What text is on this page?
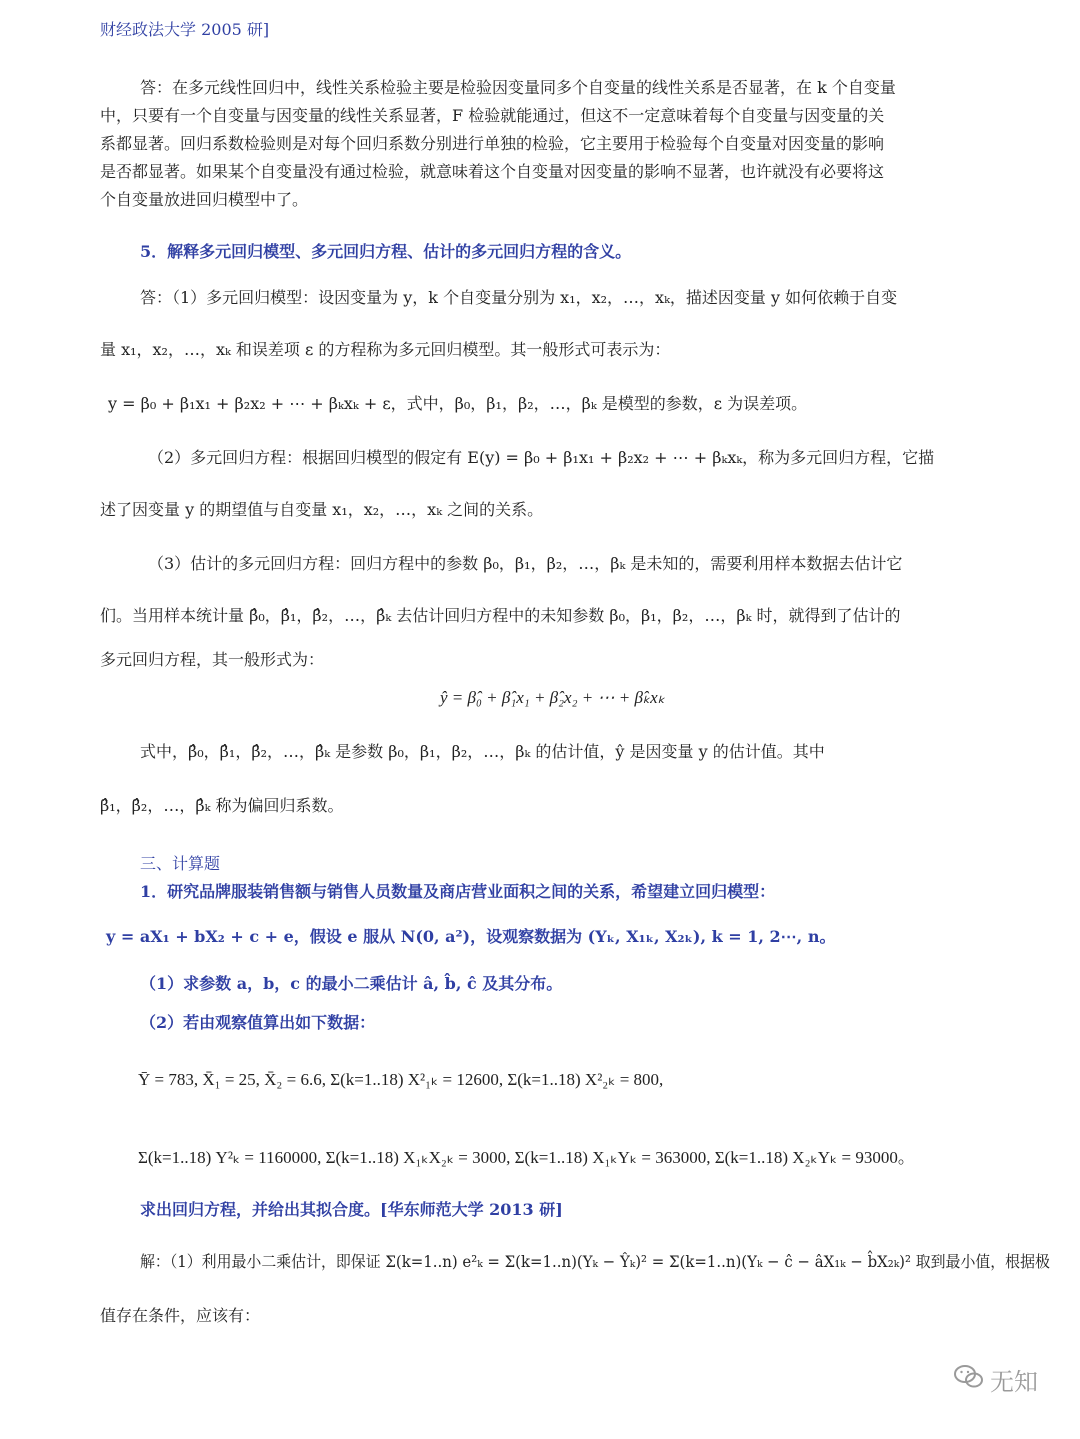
财经政法大学 2005 研]
答：在多元线性回归中，线性关系检验主要是检验因变量同多个自变量的线性关系是否显著，在 k 个自变量
中，只要有一个自变量与因变量的线性关系显著，F 检验就能通过，但这不一定意味着每个自变量与因变量的关
系都显著。回归系数检验则是对每个回归系数分别进行单独的检验，它主要用于检验每个自变量对因变量的影响
是否都显著。如果某个自变量没有通过检验，就意味着这个自变量对因变量的影响不显著，也许就没有必要将这
个自变量放进回归模型中了。
5．解释多元回归模型、多元回归方程、估计的多元回归方程的含义。
答：（1）多元回归模型：设因变量为 y，k 个自变量分别为 x₁，x₂，…，xₖ，描述因变量 y 如何依赖于自变
量 x₁，x₂，…，xₖ 和误差项 ε 的方程称为多元回归模型。其一般形式可表示为：
y = β₀ + β₁x₁ + β₂x₂ + ⋯ + βₖxₖ + ε，式中，β₀，β₁，β₂，…，βₖ 是模型的参数，ε 为误差项。
（2）多元回归方程：根据回归模型的假定有 E(y) = β₀ + β₁x₁ + β₂x₂ + ⋯ + βₖxₖ，称为多元回归方程，它描
述了因变量 y 的期望值与自变量 x₁，x₂，…，xₖ 之间的关系。
（3）估计的多元回归方程：回归方程中的参数 β₀，β₁，β₂，…，βₖ 是未知的，需要利用样本数据去估计它
们。当用样本统计量 β̂₀，β̂₁，β̂₂，…，β̂ₖ 去估计回归方程中的未知参数 β₀，β₁，β₂，…，βₖ 时，就得到了估计的
多元回归方程，其一般形式为：
ŷ = β̂₀ + β̂₁x₁ + β̂₂x₂ + ⋯ + β̂ₖxₖ
式中，β̂₀，β̂₁，β̂₂，…，β̂ₖ 是参数 β₀，β₁，β₂，…，βₖ 的估计值，ŷ 是因变量 y 的估计值。其中
β̂₁，β̂₂，…，β̂ₖ 称为偏回归系数。
三、计算题
1．研究品牌服装销售额与销售人员数量及商店营业面积之间的关系，希望建立回归模型：
y = aX₁ + bX₂ + c + e，假设 e 服从 N(0, a²)，设观察数据为 (Yₖ, X₁ₖ, X₂ₖ), k = 1, 2⋯, n。
（1）求参数 a，b，c 的最小二乘估计 â, b̂, ĉ 及其分布。
（2）若由观察值算出如下数据：
Ȳ = 783, X̄₁ = 25, X̄₂ = 6.6, Σ(k=1..18) X²₁ₖ = 12600, Σ(k=1..18) X²₂ₖ = 800,
Σ(k=1..18) Y²ₖ = 1160000, Σ(k=1..18) X₁ₖX₂ₖ = 3000, Σ(k=1..18) X₁ₖYₖ = 363000, Σ(k=1..18) X₂ₖYₖ = 93000。
求出回归方程，并给出其拟合度。[华东师范大学 2013 研]
解：（1）利用最小二乘估计，即保证 Σ(k=1..n) e²ₖ = Σ(k=1..n)(Yₖ − Ŷₖ)² = Σ(k=1..n)(Yₖ − ĉ − âX₁ₖ − b̂X₂ₖ)² 取到最小值，根据极
值存在条件，应该有：
无知
